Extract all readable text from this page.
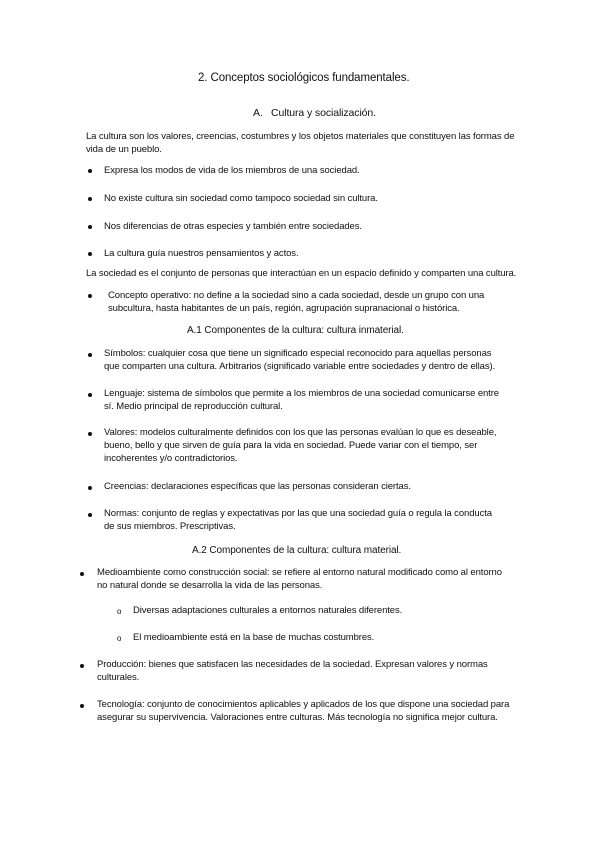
2. Conceptos sociológicos fundamentales.
A. Cultura y socialización.
La cultura son los valores, creencias, costumbres y los objetos materiales que constituyen las formas de vida de un pueblo.
Expresa los modos de vida de los miembros de una sociedad.
No existe cultura sin sociedad como tampoco sociedad sin cultura.
Nos diferencias de otras especies y también entre sociedades.
La cultura guía nuestros pensamientos y actos.
La sociedad es el conjunto de personas que interactúan en un espacio definido y comparten una cultura.
Concepto operativo: no define a la sociedad sino a cada sociedad, desde un grupo con una subcultura, hasta habitantes de un país, región, agrupación supranacional o histórica.
A.1 Componentes de la cultura: cultura inmaterial.
Símbolos: cualquier cosa que tiene un significado especial reconocido para aquellas personas que comparten una cultura. Arbitrarios (significado variable entre sociedades y dentro de ellas).
Lenguaje: sistema de símbolos que permite a los miembros de una sociedad comunicarse entre sí. Medio principal de reproducción cultural.
Valores: modelos culturalmente definidos con los que las personas evalúan lo que es deseable, bueno, bello y que sirven de guía para la vida en sociedad. Puede variar con el tiempo, ser incoherentes y/o contradictorios.
Creencias: declaraciones específicas que las personas consideran ciertas.
Normas: conjunto de reglas y expectativas por las que una sociedad guía o regula la conducta de sus miembros. Prescriptivas.
A.2 Componentes de la cultura: cultura material.
Medioambiente como construcción social: se refiere al entorno natural modificado como al entorno no natural donde se desarrolla la vida de las personas.
o Diversas adaptaciones culturales a entornos naturales diferentes.
o El medioambiente está en la base de muchas costumbres.
Producción: bienes que satisfacen las necesidades de la sociedad. Expresan valores y normas culturales.
Tecnología: conjunto de conocimientos aplicables y aplicados de los que dispone una sociedad para asegurar su supervivencia. Valoraciones entre culturas. Más tecnología no significa mejor cultura.
